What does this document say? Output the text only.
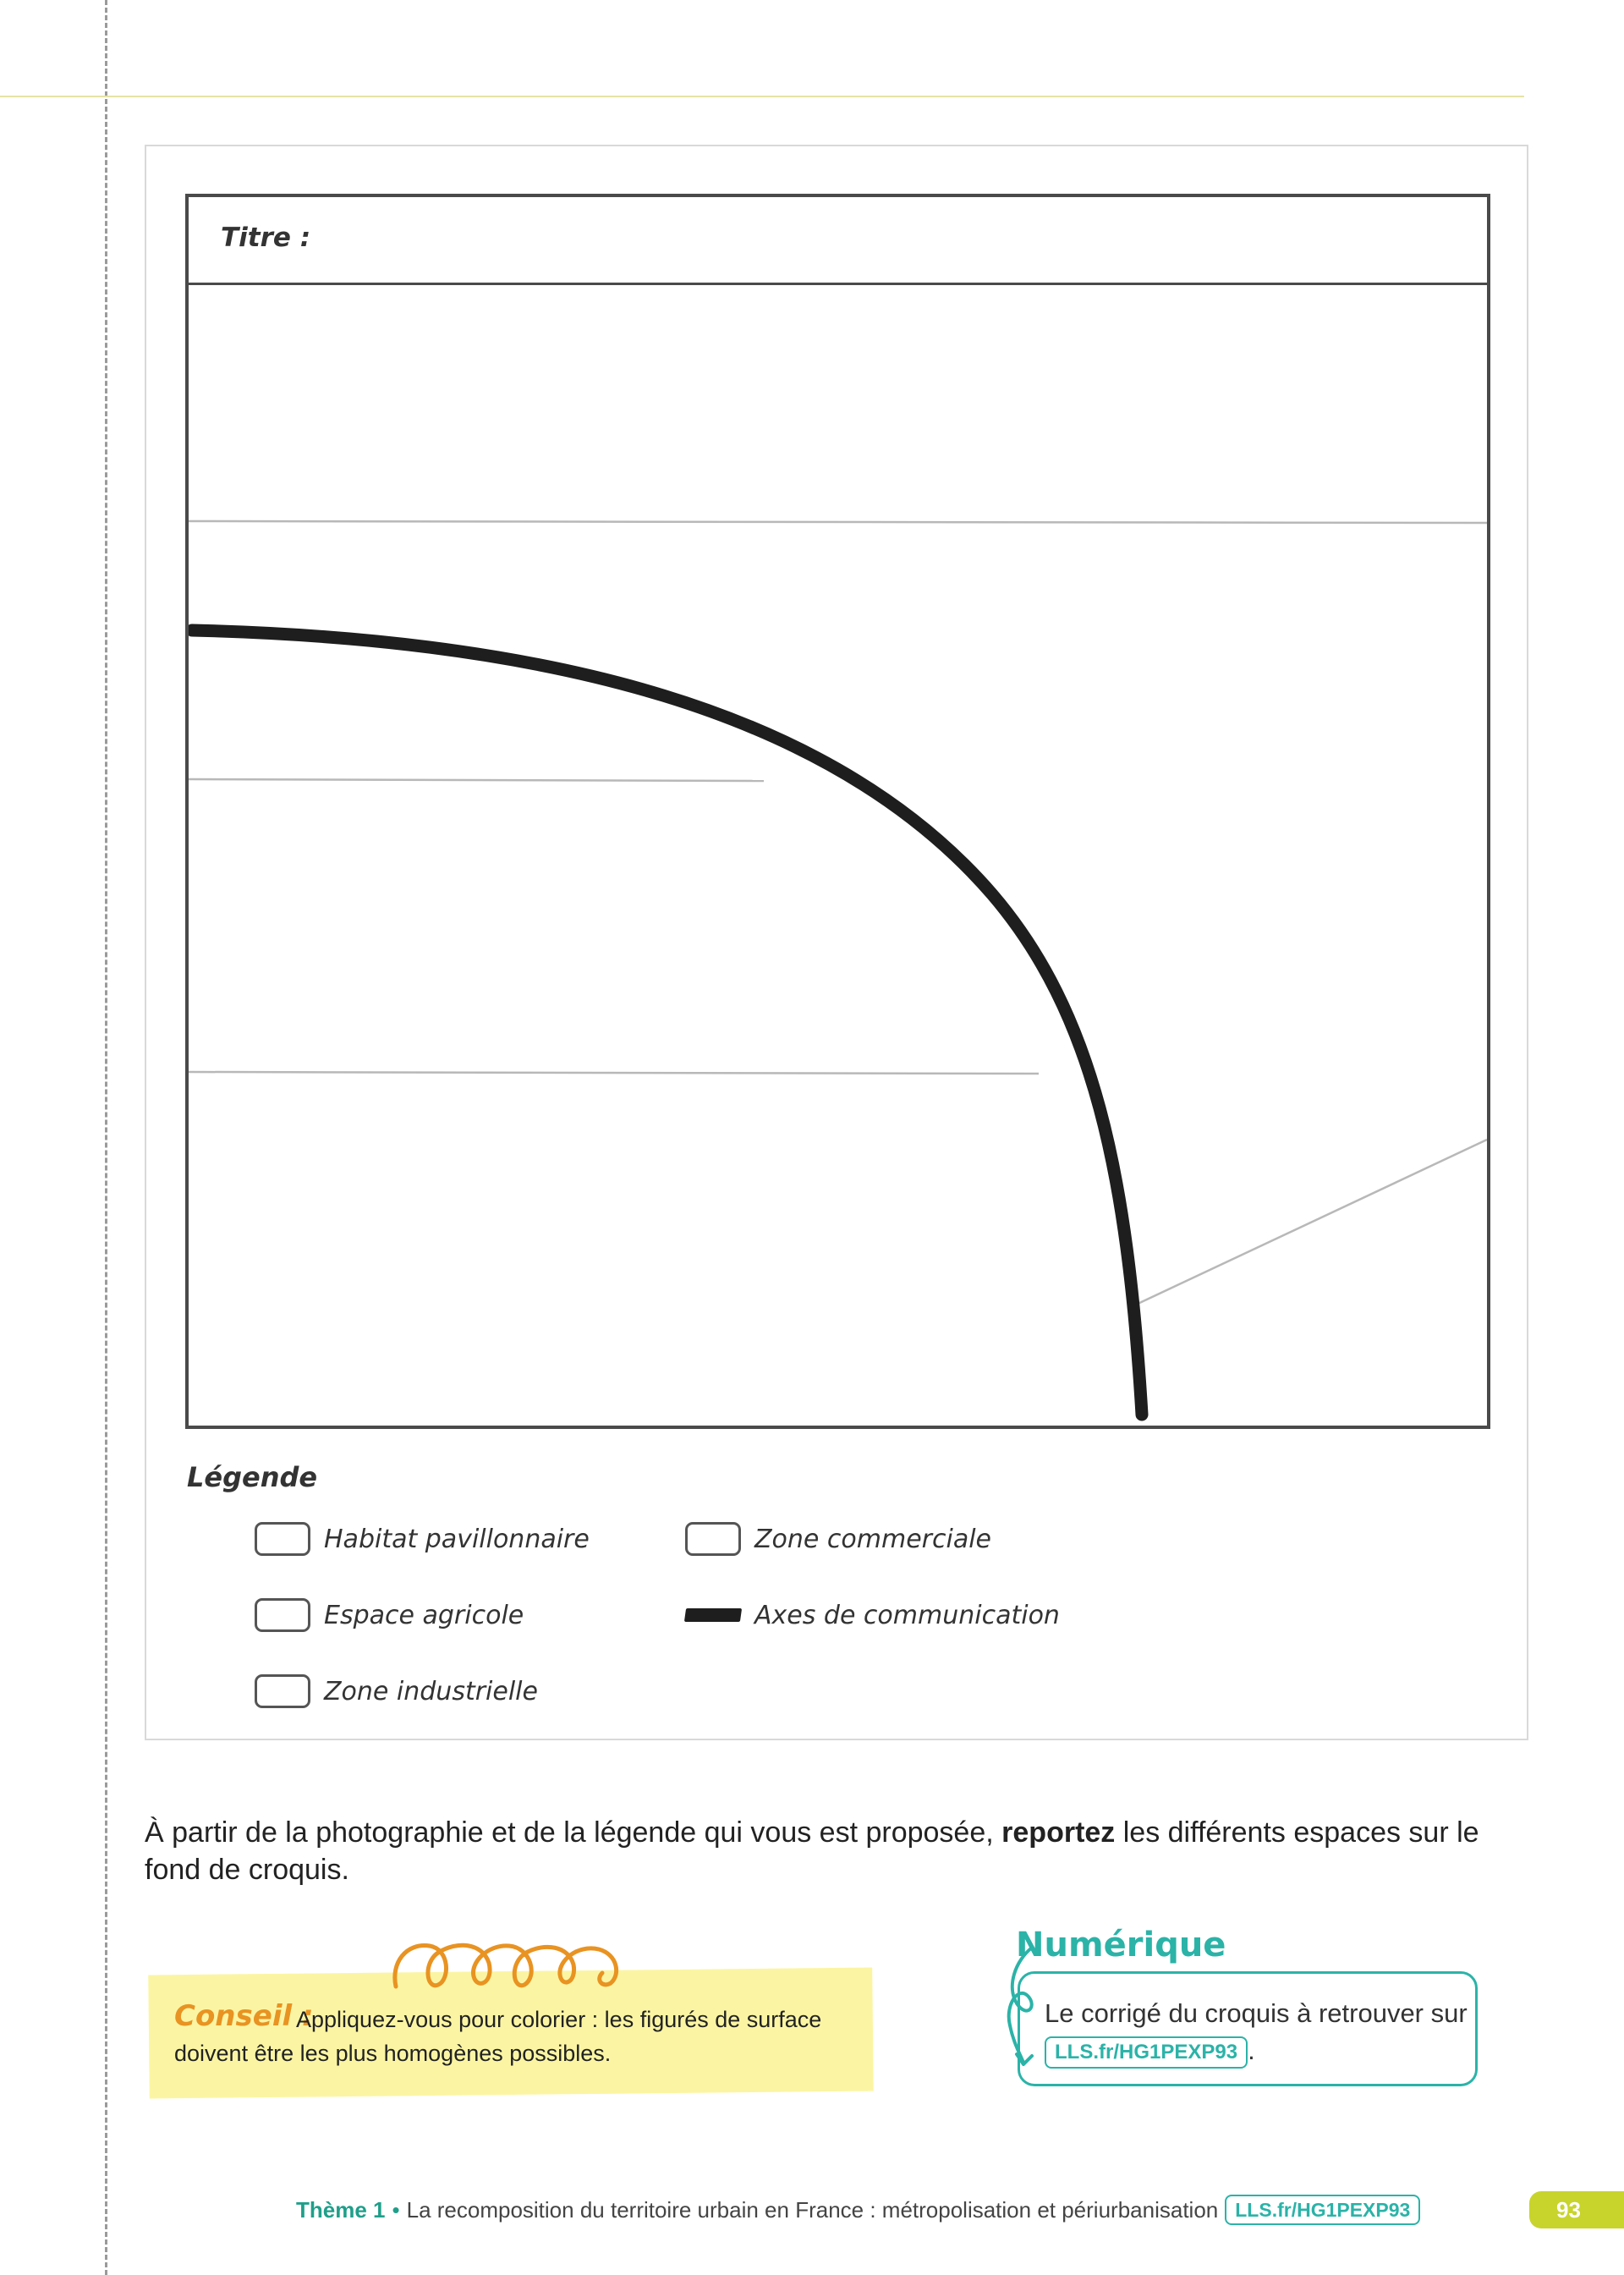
Titre :
Légende
Habitat pavillonnaire	Zone commerciale
Espace agricole	Axes de communication
Zone industrielle

À partir de la photographie et de la légende qui vous est proposée, reportez les différents espaces sur le fond de croquis.

Conseil :

Appliquez-vous pour colorier : les figurés de surface doivent être les plus homogènes possibles.

Numérique

Le corrigé du croquis à retrouver sur LLS.fr/HG1PEXP93 .

Thème 1 • La recomposition du territoire urbain en France : métropolisation et périurbanisation LLS.fr/HG1PEXP93	93
